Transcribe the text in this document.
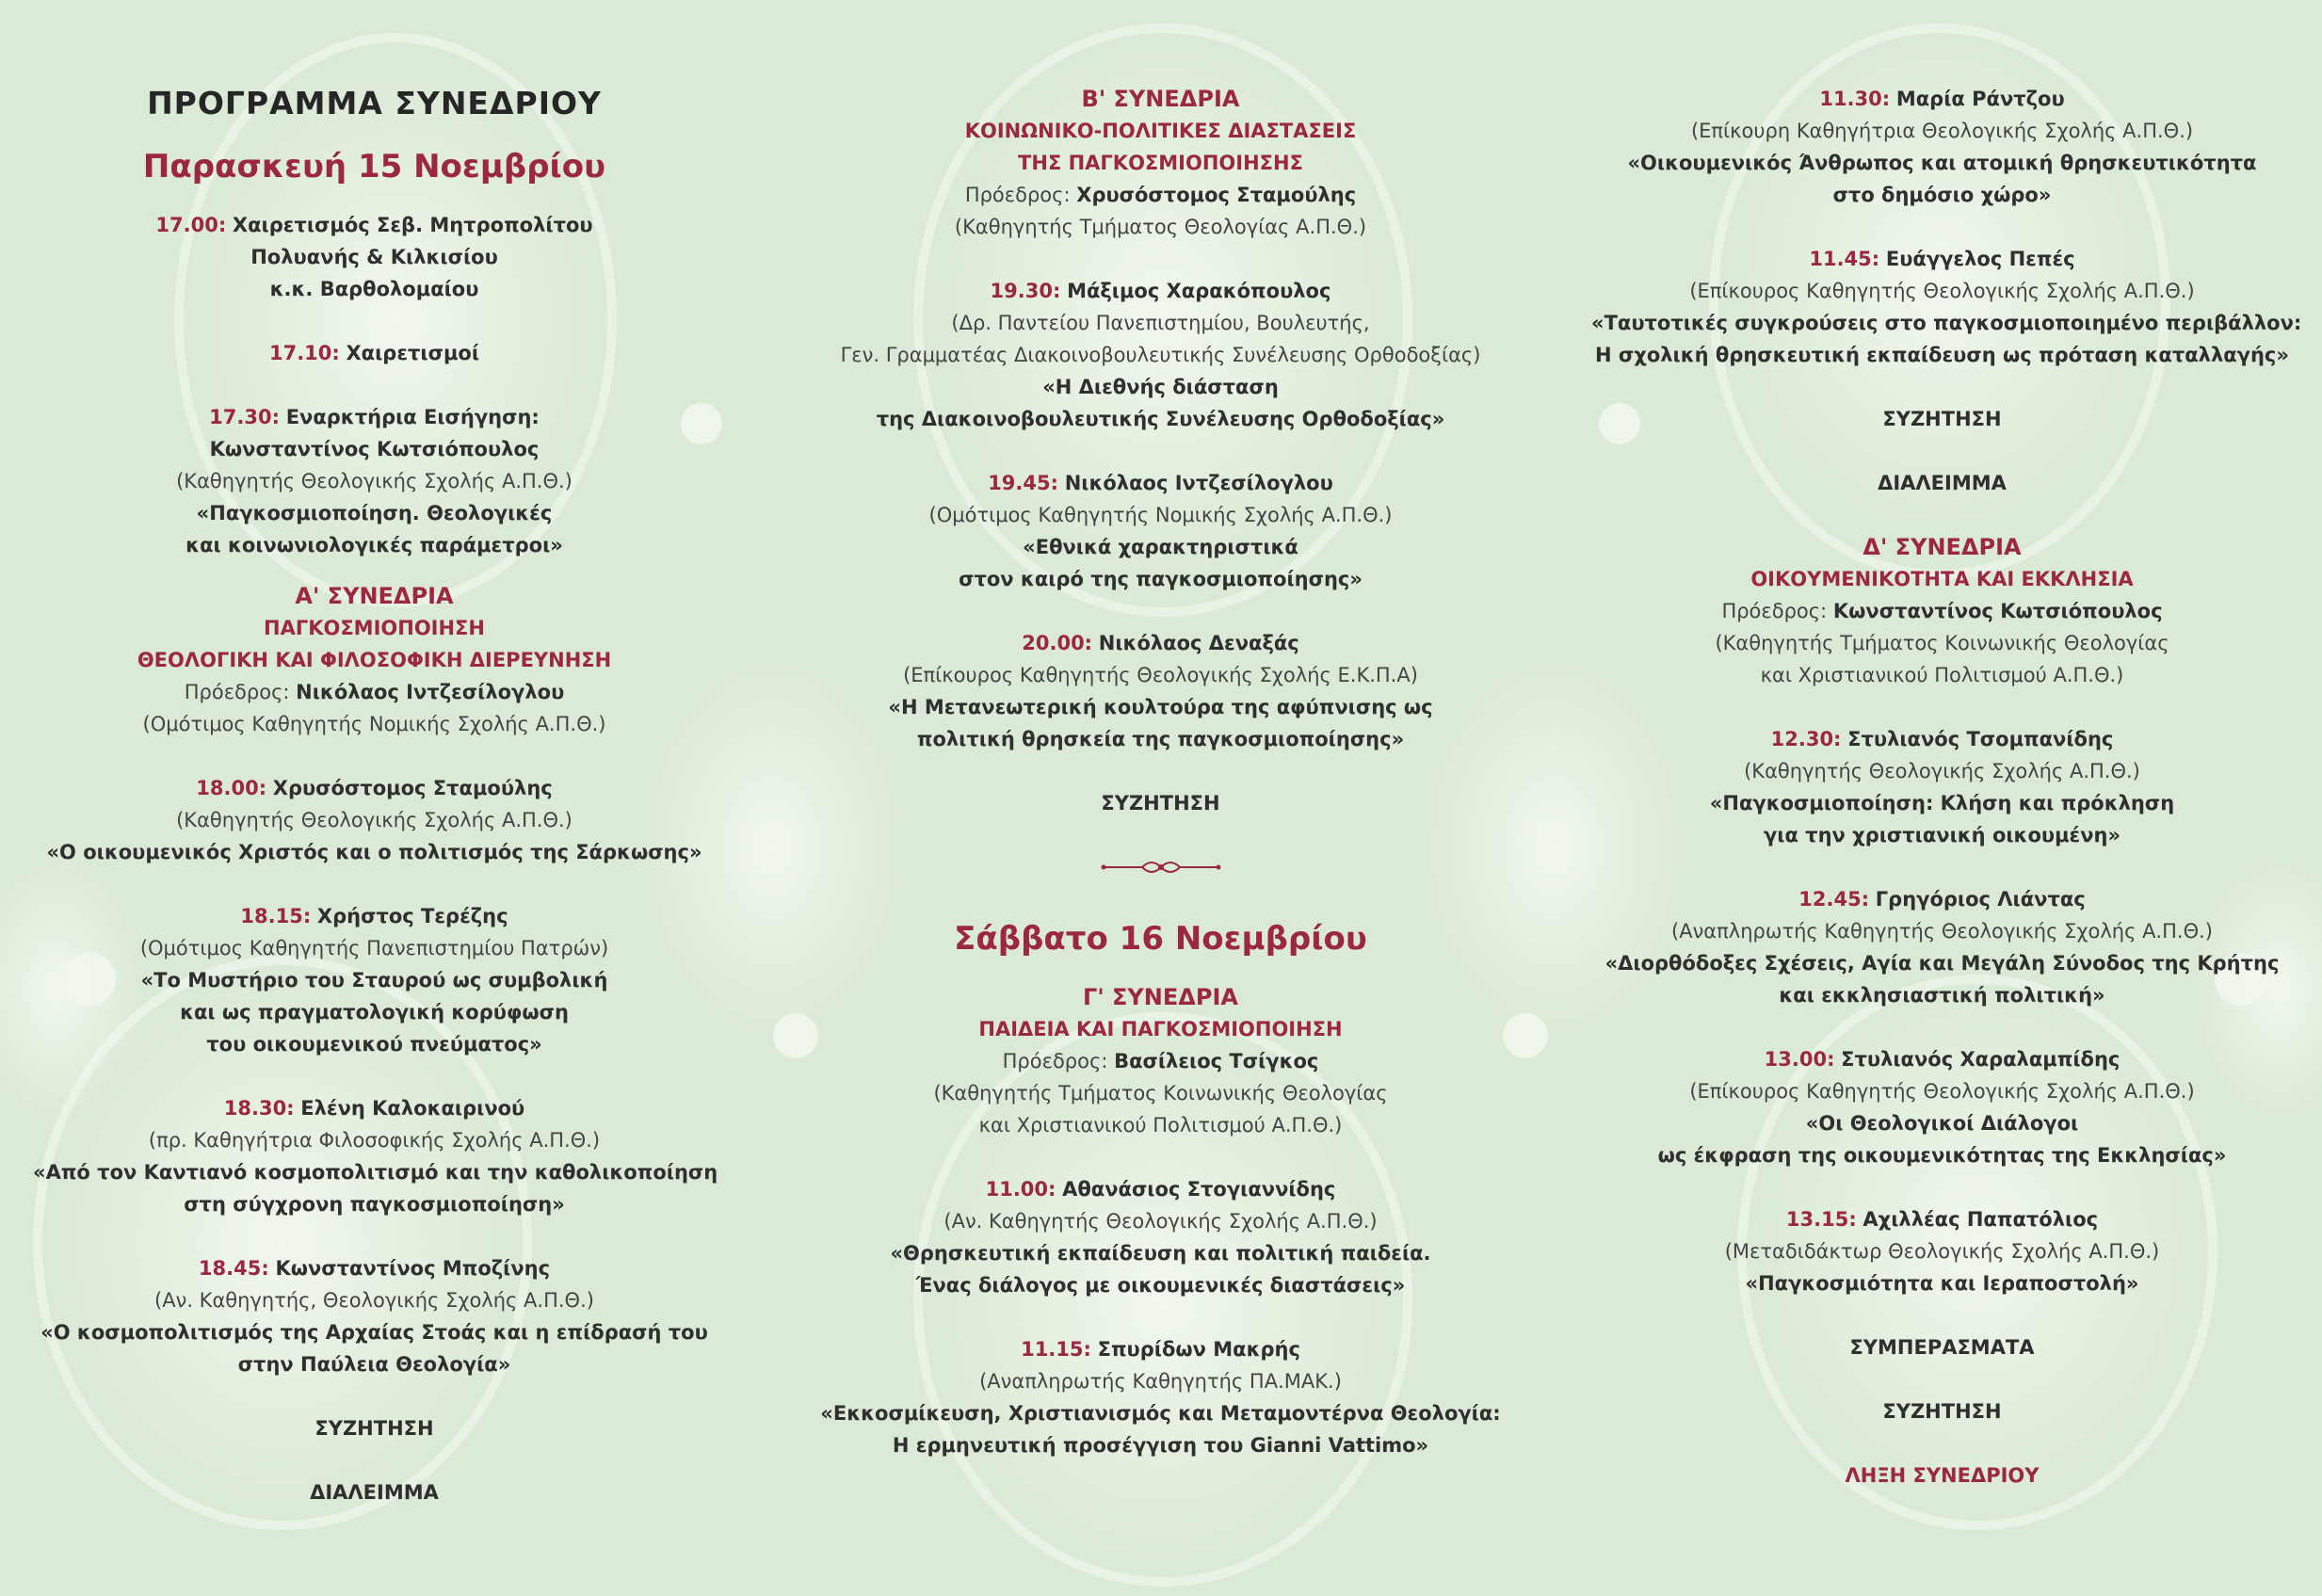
ΠΡΟΓΡΑΜΜΑ ΣΥΝΕΔΡΙΟΥ
Παρασκευή 15 Νοεμβρίου
17.00: Χαιρετισμός Σεβ. Μητροπολίτου
Πολυανής & Κιλκισίου
κ.κ. Βαρθολομαίου
17.10: Χαιρετισμοί
17.30: Εναρκτήρια Εισήγηση:
Κωνσταντίνος Κωτσιόπουλος
(Καθηγητής Θεολογικής Σχολής Α.Π.Θ.)
«Παγκοσμιοποίηση. Θεολογικές
και κοινωνιολογικές παράμετροι»
Α' ΣΥΝΕΔΡΙΑ
ΠΑΓΚΟΣΜΙΟΠΟΙΗΣΗ
ΘΕΟΛΟΓΙΚΗ ΚΑΙ ΦΙΛΟΣΟΦΙΚΗ ΔΙΕΡΕΥΝΗΣΗ
Πρόεδρος: Νικόλαος Ιντζεσίλογλου
(Ομότιμος Καθηγητής Νομικής Σχολής Α.Π.Θ.)
18.00: Χρυσόστομος Σταμούλης
(Καθηγητής Θεολογικής Σχολής Α.Π.Θ.)
«Ο οικουμενικός Χριστός και ο πολιτισμός της Σάρκωσης»
18.15: Χρήστος Τερέζης
(Ομότιμος Καθηγητής Πανεπιστημίου Πατρών)
«Το Μυστήριο του Σταυρού ως συμβολική
και ως πραγματολογική κορύφωση
του οικουμενικού πνεύματος»
18.30: Ελένη Καλοκαιρινού
(πρ. Καθηγήτρια Φιλοσοφικής Σχολής Α.Π.Θ.)
«Από τον Καντιανό κοσμοπολιτισμό και την καθολικοποίηση
στη σύγχρονη παγκοσμιοποίηση»
18.45: Κωνσταντίνος Μποζίνης
(Αν. Καθηγητής, Θεολογικής Σχολής Α.Π.Θ.)
«Ο κοσμοπολιτισμός της Αρχαίας Στοάς και η επίδρασή του
στην Παύλεια Θεολογία»
ΣΥΖΗΤΗΣΗ
ΔΙΑΛΕΙΜΜΑ
Β' ΣΥΝΕΔΡΙΑ
ΚΟΙΝΩΝΙΚΟ-ΠΟΛΙΤΙΚΕΣ ΔΙΑΣΤΑΣΕΙΣ
ΤΗΣ ΠΑΓΚΟΣΜΙΟΠΟΙΗΣΗΣ
Πρόεδρος: Χρυσόστομος Σταμούλης
(Καθηγητής Τμήματος Θεολογίας Α.Π.Θ.)
19.30: Μάξιμος Χαρακόπουλος
(Δρ. Παντείου Πανεπιστημίου, Βουλευτής,
Γεν. Γραμματέας Διακοινοβουλευτικής Συνέλευσης Ορθοδοξίας)
«Η Διεθνής διάσταση
της Διακοινοβουλευτικής Συνέλευσης Ορθοδοξίας»
19.45: Νικόλαος Ιντζεσίλογλου
(Ομότιμος Καθηγητής Νομικής Σχολής Α.Π.Θ.)
«Εθνικά χαρακτηριστικά
στον καιρό της παγκοσμιοποίησης»
20.00: Νικόλαος Δεναξάς
(Επίκουρος Καθηγητής Θεολογικής Σχολής Ε.Κ.Π.Α)
«Η Μετανεωτερική κουλτούρα της αφύπνισης ως
πολιτική θρησκεία της παγκοσμιοποίησης»
ΣΥΖΗΤΗΣΗ
Σάββατο 16 Νοεμβρίου
Γ' ΣΥΝΕΔΡΙΑ
ΠΑΙΔΕΙΑ ΚΑΙ ΠΑΓΚΟΣΜΙΟΠΟΙΗΣΗ
Πρόεδρος: Βασίλειος Τσίγκος
(Καθηγητής Τμήματος Κοινωνικής Θεολογίας
και Χριστιανικού Πολιτισμού Α.Π.Θ.)
11.00: Αθανάσιος Στογιαννίδης
(Αν. Καθηγητής Θεολογικής Σχολής Α.Π.Θ.)
«Θρησκευτική εκπαίδευση και πολιτική παιδεία.
Ένας διάλογος με οικουμενικές διαστάσεις»
11.15: Σπυρίδων Μακρής
(Αναπληρωτής Καθηγητής ΠΑ.ΜΑΚ.)
«Εκκοσμίκευση, Χριστιανισμός και Μεταμοντέρνα Θεολογία:
Η ερμηνευτική προσέγγιση του Gianni Vattimo»
11.30: Μαρία Ράντζου
(Επίκουρη Καθηγήτρια Θεολογικής Σχολής Α.Π.Θ.)
«Οικουμενικός Άνθρωπος και ατομική θρησκευτικότητα
στο δημόσιο χώρο»
11.45: Ευάγγελος Πεπές
(Επίκουρος Καθηγητής Θεολογικής Σχολής Α.Π.Θ.)
«Ταυτοτικές συγκρούσεις στο παγκοσμιοποιημένο περιβάλλον:
Η σχολική θρησκευτική εκπαίδευση ως πρόταση καταλλαγής»
ΣΥΖΗΤΗΣΗ
ΔΙΑΛΕΙΜΜΑ
Δ' ΣΥΝΕΔΡΙΑ
ΟΙΚΟΥΜΕΝΙΚΟΤΗΤΑ ΚΑΙ ΕΚΚΛΗΣΙΑ
Πρόεδρος: Κωνσταντίνος Κωτσιόπουλος
(Καθηγητής Τμήματος Κοινωνικής Θεολογίας
και Χριστιανικού Πολιτισμού Α.Π.Θ.)
12.30: Στυλιανός Τσομπανίδης
(Καθηγητής Θεολογικής Σχολής Α.Π.Θ.)
«Παγκοσμιοποίηση: Κλήση και πρόκληση
για την χριστιανική οικουμένη»
12.45: Γρηγόριος Λιάντας
(Αναπληρωτής Καθηγητής Θεολογικής Σχολής Α.Π.Θ.)
«Διορθόδοξες Σχέσεις, Αγία και Μεγάλη Σύνοδος της Κρήτης
και εκκλησιαστική πολιτική»
13.00: Στυλιανός Χαραλαμπίδης
(Επίκουρος Καθηγητής Θεολογικής Σχολής Α.Π.Θ.)
«Οι Θεολογικοί Διάλογοι
ως έκφραση της οικουμενικότητας της Εκκλησίας»
13.15: Αχιλλέας Παπατόλιος
(Μεταδιδάκτωρ Θεολογικής Σχολής Α.Π.Θ.)
«Παγκοσμιότητα και Ιεραποστολή»
ΣΥΜΠΕΡΑΣΜΑΤΑ
ΣΥΖΗΤΗΣΗ
ΛΗΞΗ ΣΥΝΕΔΡΙΟΥ
